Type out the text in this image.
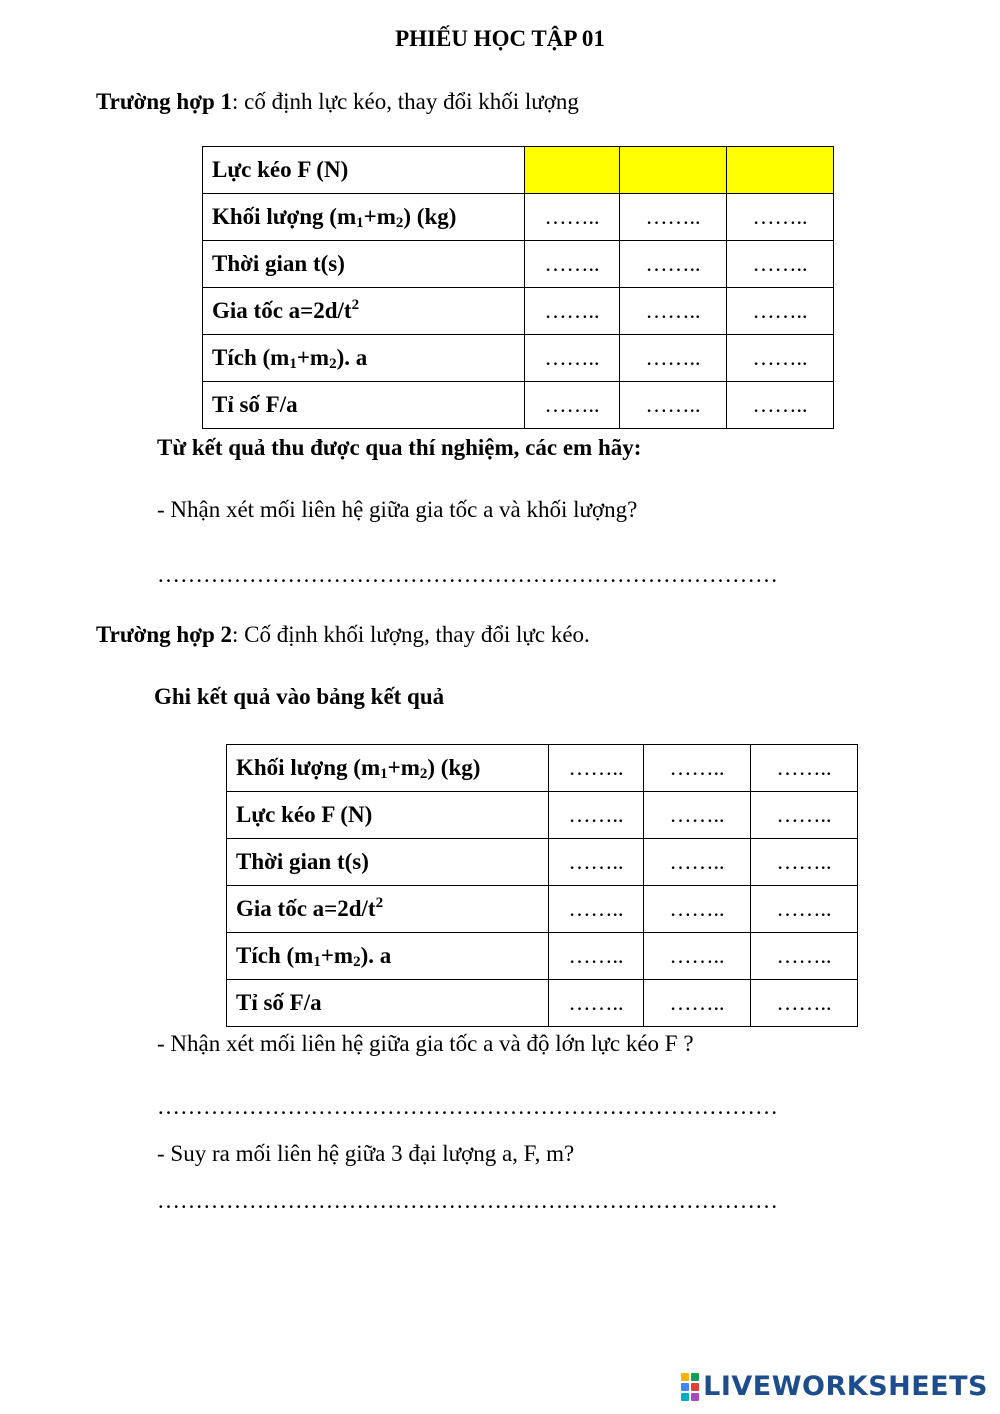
PHIẾU HỌC TẬP 01
Trường hợp 1: cố định lực kéo, thay đổi khối lượng
Lực kéo F (N)			
Khối lượng $(m_1+m_2)$ (kg)	……..	……..	……..
Thời gian t(s)	……..	……..	……..
Gia tốc $a=2d/t^2$	……..	……..	……..
Tích $(m_1+m_2)$. a	……..	……..	……..
Tỉ số F/a	……..	……..	……..
Từ kết quả thu được qua thí nghiệm, các em hãy:
- Nhận xét mối liên hệ giữa gia tốc a và khối lượng?
………………………………………………………………………
Trường hợp 2: Cố định khối lượng, thay đổi lực kéo.
Ghi kết quả vào bảng kết quả
Khối lượng $(m_1+m_2)$ (kg)	……..	……..	……..
Lực kéo F (N)	……..	……..	……..
Thời gian t(s)	……..	……..	……..
Gia tốc $a=2d/t^2$	……..	……..	……..
Tích $(m_1+m_2)$. a	……..	……..	……..
Tỉ số F/a	……..	……..	……..
- Nhận xét mối liên hệ giữa gia tốc a và độ lớn lực kéo F ?
………………………………………………………………………
- Suy ra mối liên hệ giữa 3 đại lượng a, F, m?
………………………………………………………………………
LIVEWORKSHEETS
